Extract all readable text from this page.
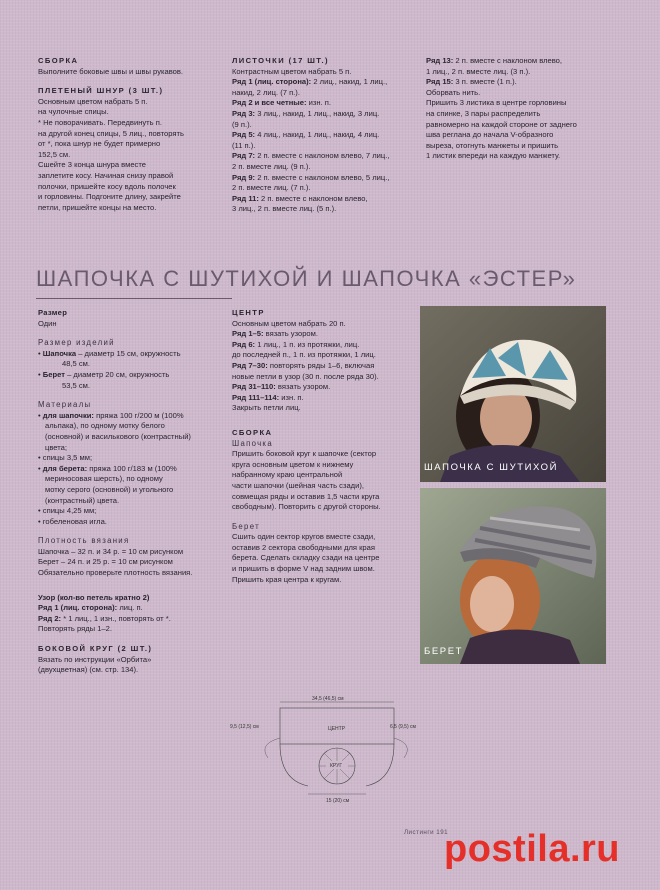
СБОРКА

Выполните боковые швы и швы рукавов.

ПЛЕТЕНЫЙ ШНУР (3 ШТ.)

Основным цветом набрать 5 п.

на чулочные спицы.

* Не поворачивать. Передвинуть п.

на другой конец спицы, 5 лиц., повторять

от *, пока шнур не будет примерно

152,5 см.

Сшейте 3 конца шнура вместе

заплетите косу. Начиная снизу правой

полочки, пришейте косу вдоль полочек

и горловины. Подгоните длину, закрейте

петли, пришейте концы на место.

ЛИСТОЧКИ (17 ШТ.)

Контрастным цветом набрать 5 п.

Ряд 1 (лиц. сторона): 2 лиц., накид, 1 лиц.,

накид, 2 лиц. (7 п.).

Ряд 2 и все четные: изн. п.

Ряд 3: 3 лиц., накид, 1 лиц., накид, 3 лиц.

(9 п.).

Ряд 5: 4 лиц., накид, 1 лиц., накид, 4 лиц.

(11 п.).

Ряд 7: 2 п. вместе с наклоном влево, 7 лиц.,

2 п. вместе лиц. (9 п.).

Ряд 9: 2 п. вместе с наклоном влево, 5 лиц.,

2 п. вместе лиц. (7 п.).

Ряд 11: 2 п. вместе с наклоном влево,

3 лиц., 2 п. вместе лиц. (5 п.).

Ряд 13: 2 п. вместе с наклоном влево,

1 лиц., 2 п. вместе лиц. (3 п.).

Ряд 15: 3 п. вместе (1 п.).

Оборвать нить.

Пришить 3 листика в центре горловины

на спинке, 3 пары распределить

равномерно на каждой стороне от заднего

шва реглана до начала V-образного

выреза, отогнуть манжеты и пришить

1 листик впереди на каждую манжету.

ШАПОЧКА С ШУТИХОЙ И ШАПОЧКА «ЭСТЕР»

Размер

Один

Размер изделий

• Шапочка – диаметр 15 см, окружность

48,5 см.

• Берет – диаметр 20 см, окружность

53,5 см.

Материалы

• для шапочки: пряжа 100 г/200 м (100%

альпака), по одному мотку белого

(основной) и василькового (контрастный)

цвета;

• спицы 3,5 мм;

• для берета: пряжа 100 г/183 м (100%

мериносовая шерсть), по одному

мотку серого (основной) и угольного

(контрастный) цвета.

• спицы 4,25 мм;

• гобеленовая игла.

Плотность вязания

Шапочка – 32 п. и 34 р. = 10 см рисунком

Берет – 24 п. и 25 р. = 10 см рисунком

Обязательно проверьте плотность вязания.

Узор (кол-во петель кратно 2)

Ряд 1 (лиц. сторона): лиц. п.

Ряд 2: * 1 лиц., 1 изн., повторять от *.

Повторять ряды 1–2.

БОКОВОЙ КРУГ (2 ШТ.)

Вязать по инструкции «Орбита»

(двухцветная) (см. стр. 134).

ЦЕНТР

Основным цветом набрать 20 п.

Ряд 1–5: вязать узором.

Ряд 6: 1 лиц., 1 п. из протяжки, лиц.

до последней п., 1 п. из протяжки, 1 лиц.

Ряд 7–30: повторять ряды 1–6, включая

новые петли в узор (30 п. после ряда 30).

Ряд 31–110: вязать узором.

Ряд 111–114: изн. п.

Закрыть петли лиц.

СБОРКА

Шапочка

Пришить боковой круг к шапочке (сектор

круга основным цветом к нижнему

набранному краю центральной

части шапочки (шейная часть сзади),

совмещая ряды и оставив 1,5 части круга

свободным). Повторить с другой стороны.

Берет

Сшить один сектор кругов вместе сзади,

оставив 2 сектора свободными для края

берета. Сделать складку сзади на центре

и пришить в форме V над задним швом.

Пришить края центра к кругам.

ШАПОЧКА С ШУТИХОЙ
БЕРЕТ
34,5 (46,5) см
ЦЕНТР
9,5 (12,5) см	6,5 (9,5) см
КРУГ
15 (20) см
Листинги 191
postila.ru
